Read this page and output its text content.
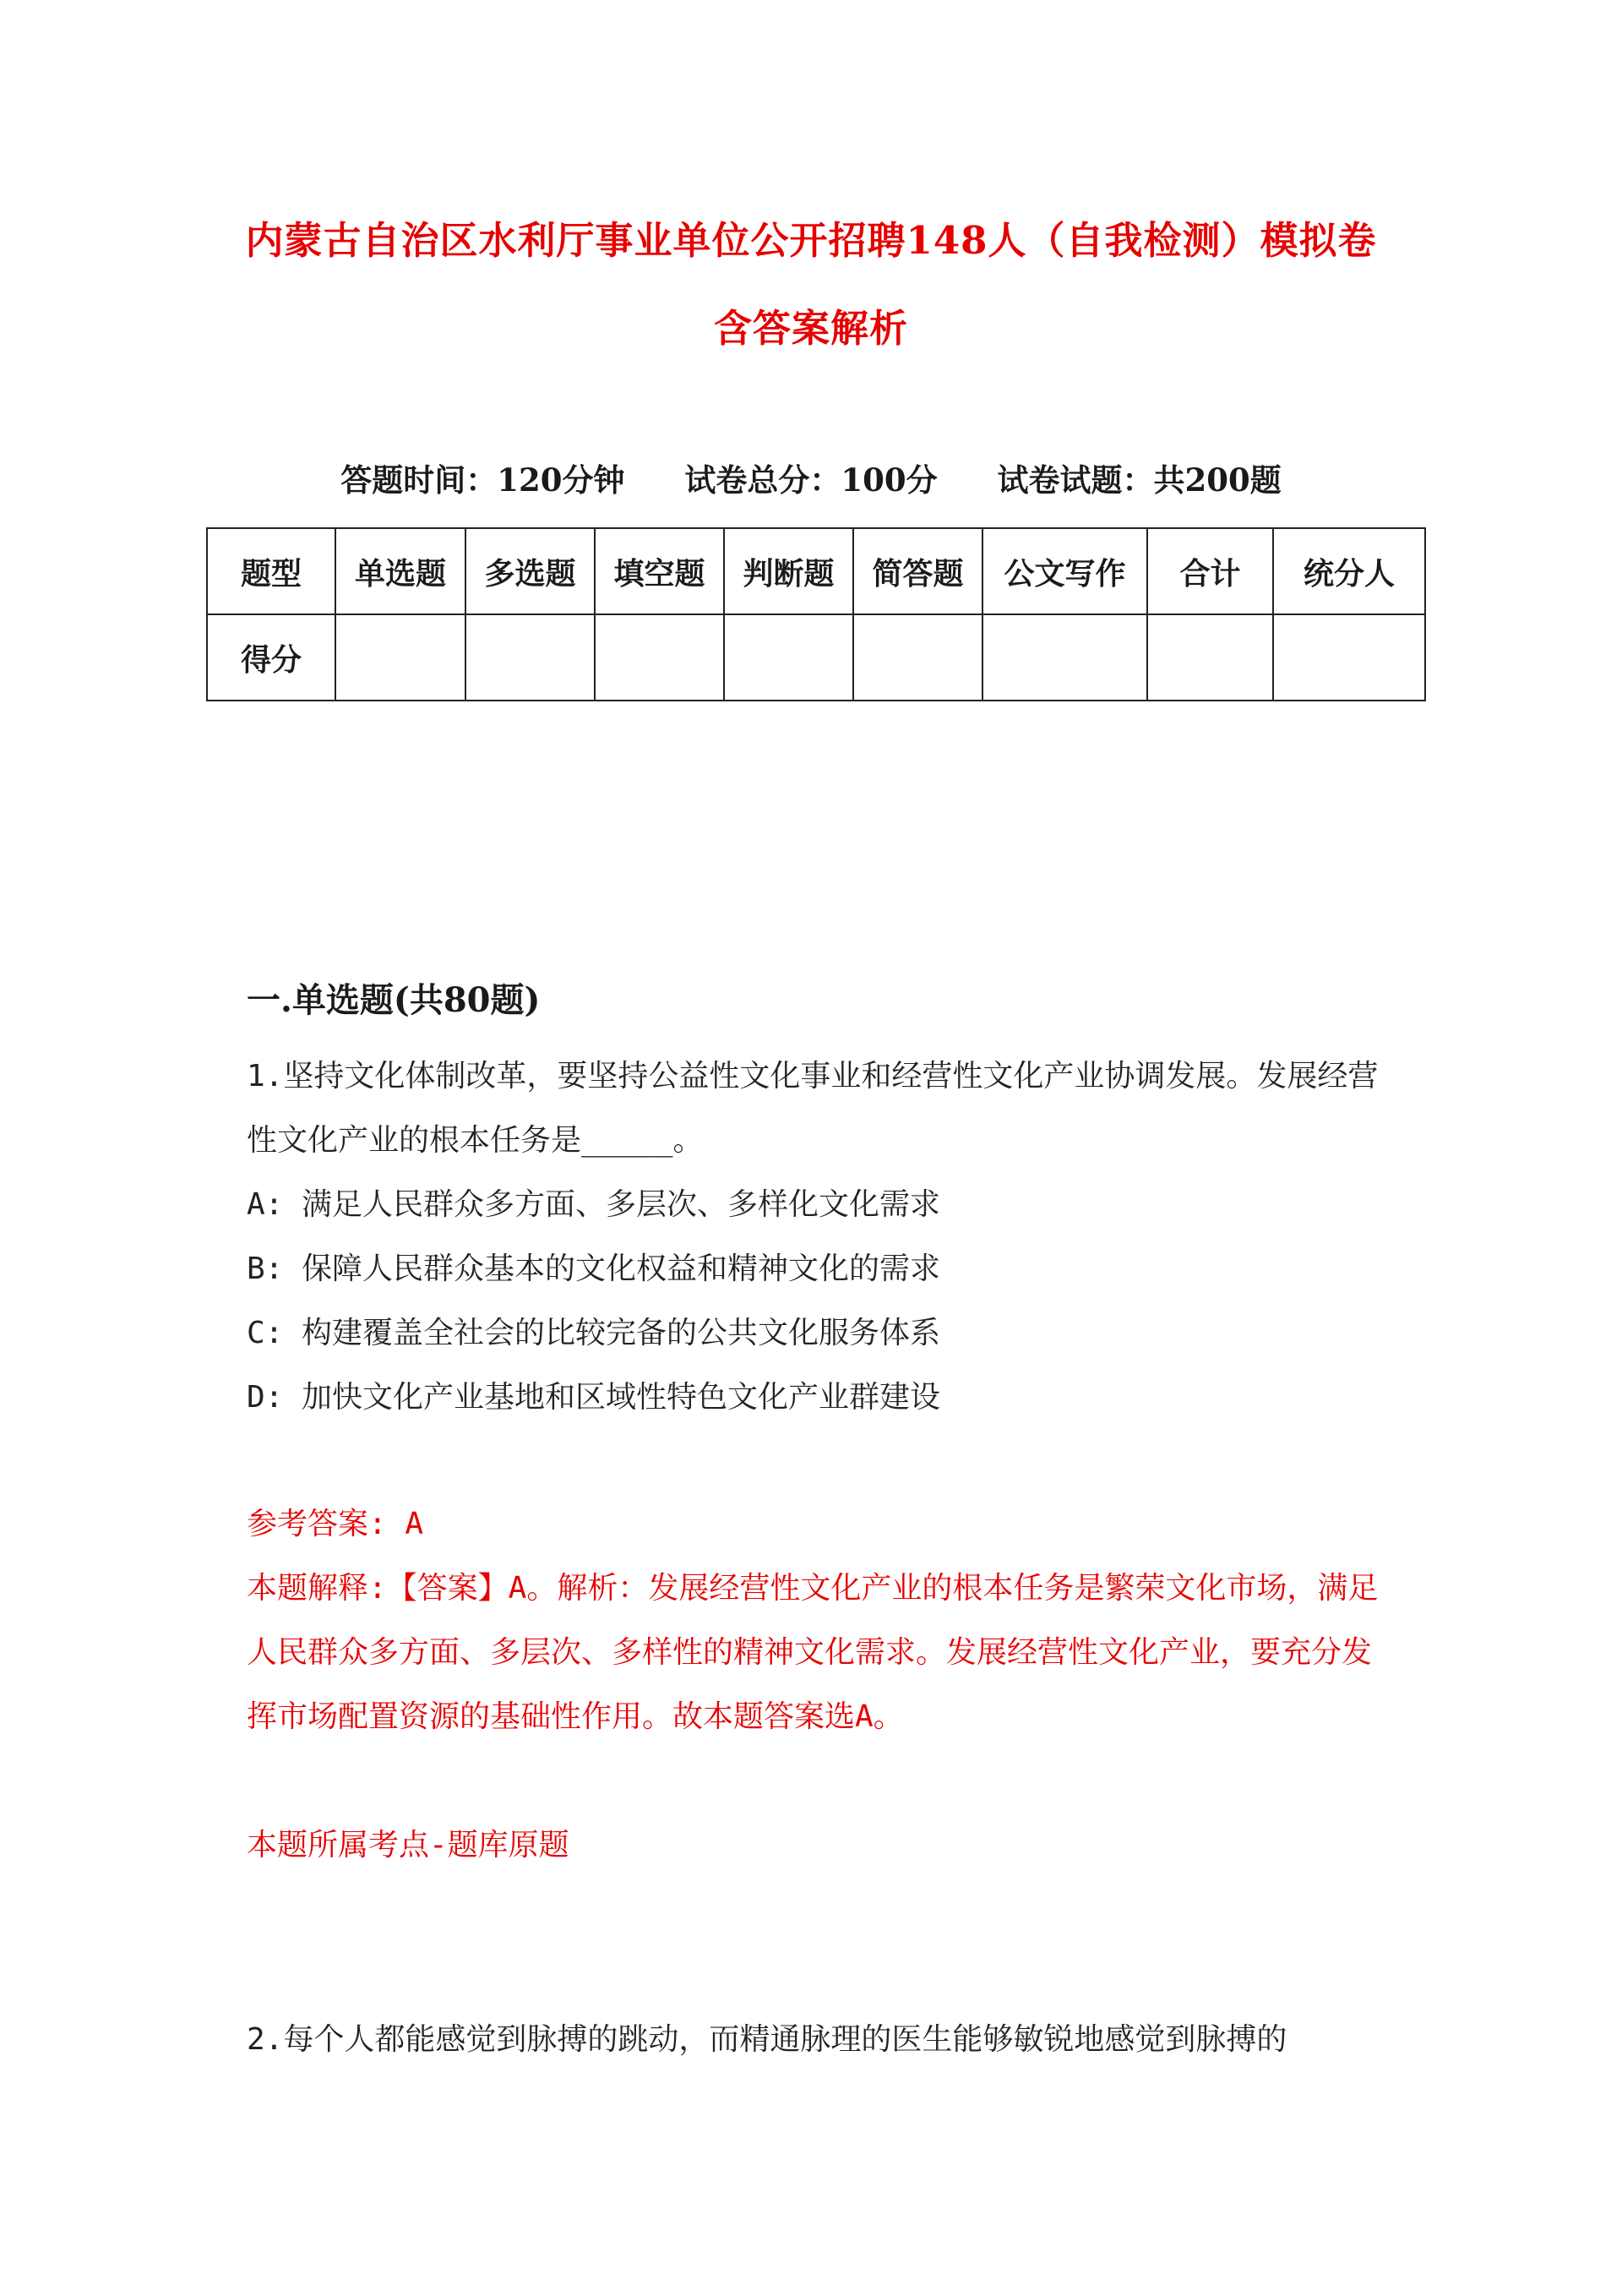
内蒙古自治区水利厅事业单位公开招聘148人（自我检测）模拟卷
含答案解析
答题时间：120分钟 试卷总分：100分 试卷试题：共200题
题型	单选题	多选题	填空题	判断题	简答题	公文写作	合计	统分人
得分								
一.单选题(共80题)
1.坚持文化体制改革，要坚持公益性文化事业和经营性文化产业协调发展。发展经营性文化产业的根本任务是_____。
A: 满足人民群众多方面、多层次、多样化文化需求
B: 保障人民群众基本的文化权益和精神文化的需求
C: 构建覆盖全社会的比较完备的公共文化服务体系
D: 加快文化产业基地和区域性特色文化产业群建设
参考答案: A
本题解释:【答案】A。解析：发展经营性文化产业的根本任务是繁荣文化市场，满足人民群众多方面、多层次、多样性的精神文化需求。发展经营性文化产业，要充分发挥市场配置资源的基础性作用。故本题答案选A。
本题所属考点-题库原题
2.每个人都能感觉到脉搏的跳动，而精通脉理的医生能够敏锐地感觉到脉搏的
